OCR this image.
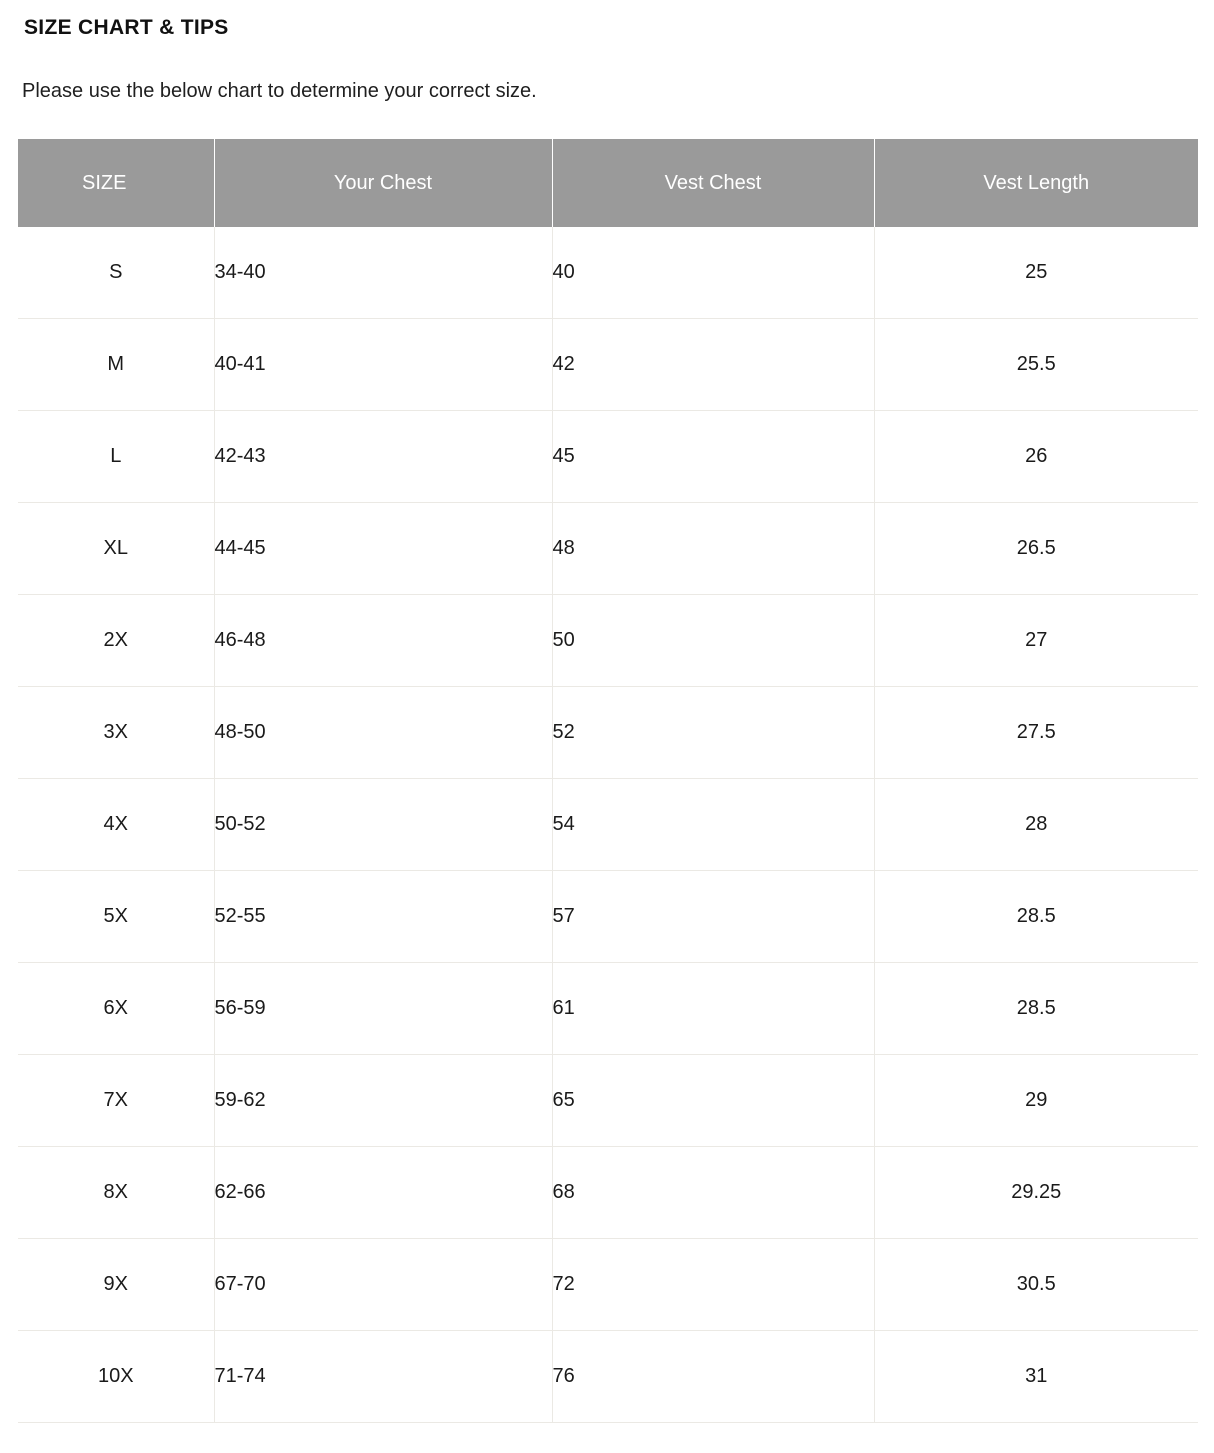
SIZE CHART & TIPS

Please use the below chart to determine your correct size.

SIZE	Your Chest	Vest Chest	Vest Length
S	34-40	40	25
M	40-41	42	25.5
L	42-43	45	26
XL	44-45	48	26.5
2X	46-48	50	27
3X	48-50	52	27.5
4X	50-52	54	28
5X	52-55	57	28.5
6X	56-59	61	28.5
7X	59-62	65	29
8X	62-66	68	29.25
9X	67-70	72	30.5
10X	71-74	76	31
